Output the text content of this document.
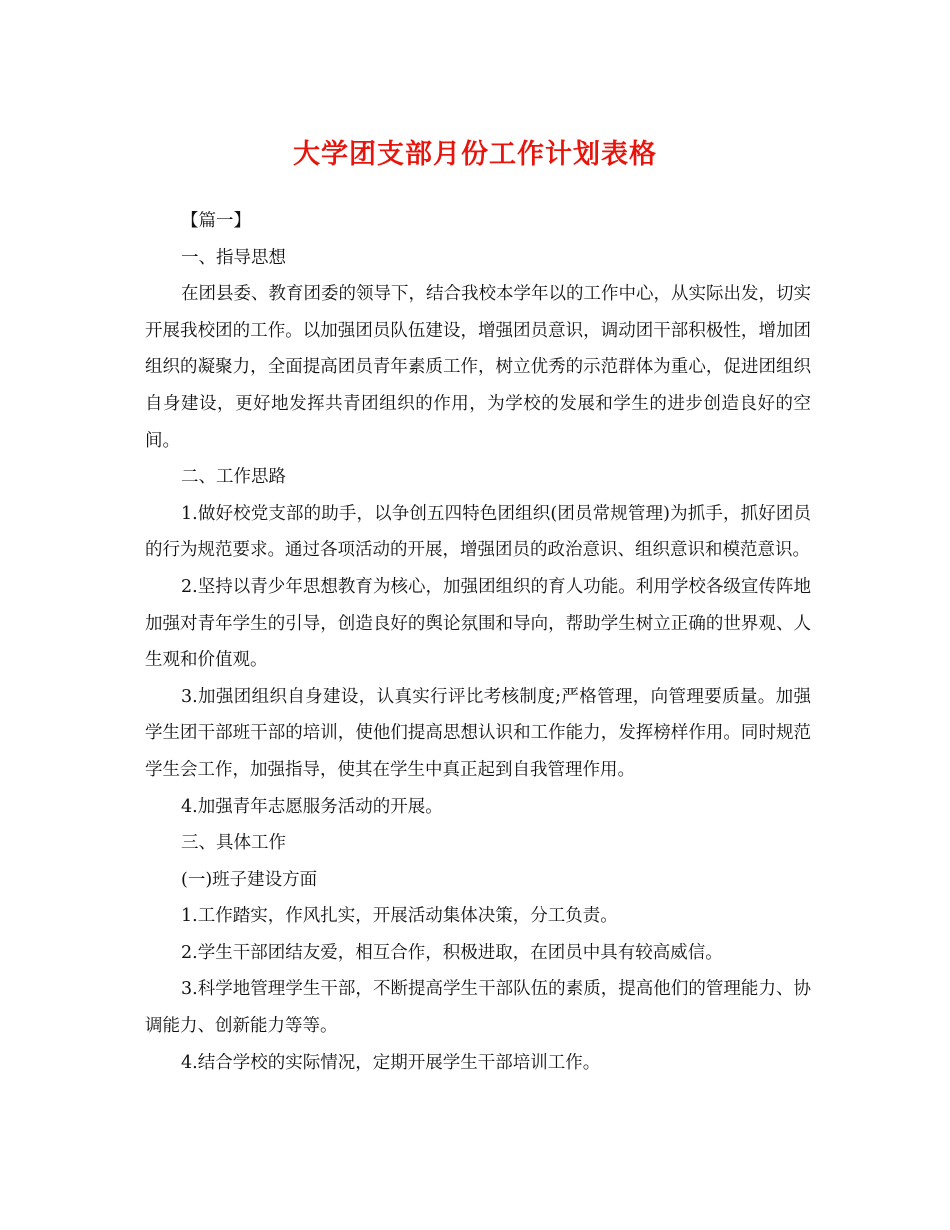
大学团支部月份工作计划表格

【篇一】

一、指导思想

在团县委、教育团委的领导下，结合我校本学年以的工作中心，从实际出发，切实开展我校团的工作。以加强团员队伍建设，增强团员意识，调动团干部积极性，增加团组织的凝聚力，全面提高团员青年素质工作，树立优秀的示范群体为重心，促进团组织自身建设，更好地发挥共青团组织的作用，为学校的发展和学生的进步创造良好的空间。

二、工作思路

1.做好校党支部的助手，以争创五四特色团组织(团员常规管理)为抓手，抓好团员的行为规范要求。通过各项活动的开展，增强团员的政治意识、组织意识和模范意识。

2.坚持以青少年思想教育为核心，加强团组织的育人功能。利用学校各级宣传阵地加强对青年学生的引导，创造良好的舆论氛围和导向，帮助学生树立正确的世界观、人生观和价值观。

3.加强团组织自身建设，认真实行评比考核制度;严格管理，向管理要质量。加强学生团干部班干部的培训，使他们提高思想认识和工作能力，发挥榜样作用。同时规范学生会工作，加强指导，使其在学生中真正起到自我管理作用。

4.加强青年志愿服务活动的开展。

三、具体工作

(一)班子建设方面

1.工作踏实，作风扎实，开展活动集体决策，分工负责。

2.学生干部团结友爱，相互合作，积极进取，在团员中具有较高威信。

3.科学地管理学生干部，不断提高学生干部队伍的素质，提高他们的管理能力、协调能力、创新能力等等。

4.结合学校的实际情况，定期开展学生干部培训工作。
